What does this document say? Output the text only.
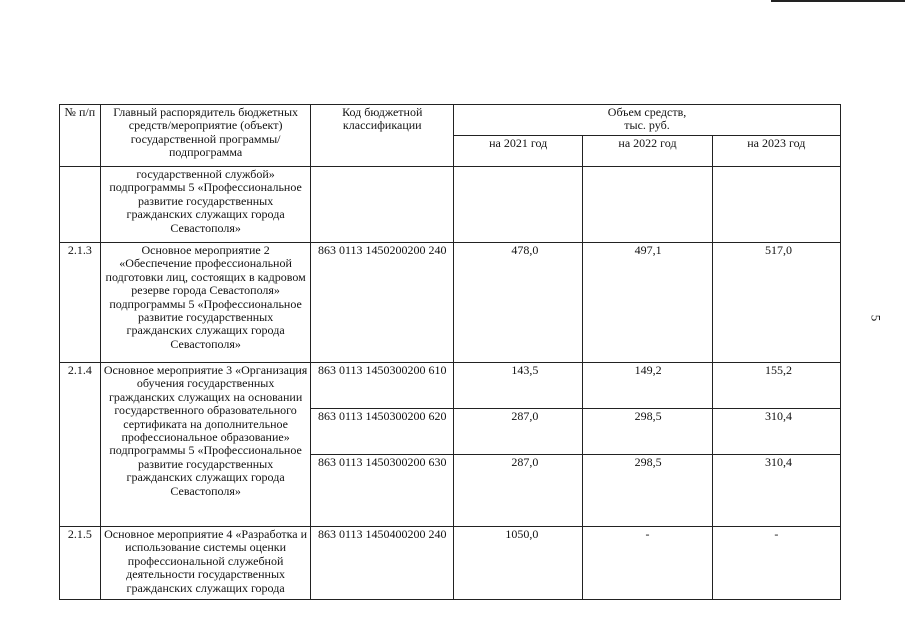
5
№ п/п	Главный распорядитель бюджетных средств/мероприятие (объект) государственной программы/подпрограмма	Код бюджетной классификации	Объем средств,
тыс. руб.		

			на 2021 год	на 2022 год	на 2023 год
	государственной службой» подпрограммы 5 «Профессиональное развитие государственных гражданских служащих города Севастополя»				
2.1.3	Основное мероприятие 2 «Обеспечение профессиональной подготовки лиц, состоящих в кадровом резерве города Севастополя» подпрограммы 5 «Профессиональное развитие государственных гражданских служащих города Севастополя»	863 0113 1450200200 240	478,0	497,1	517,0
2.1.4	Основное мероприятие 3 «Организация обучения государственных гражданских служащих на основании государственного образовательного сертификата на дополнительное профессиональное образование» подпрограммы 5 «Профессиональное развитие государственных гражданских служащих города Севастополя»	863 0113 1450300200 610	143,5	149,2	155,2
		863 0113 1450300200 620	287,0	298,5	310,4
		863 0113 1450300200 630	287,0	298,5	310,4
2.1.5	Основное мероприятие 4 «Разработка и использование системы оценки профессиональной служебной деятельности государственных гражданских служащих города	863 0113 1450400200 240	1050,0	-	-
